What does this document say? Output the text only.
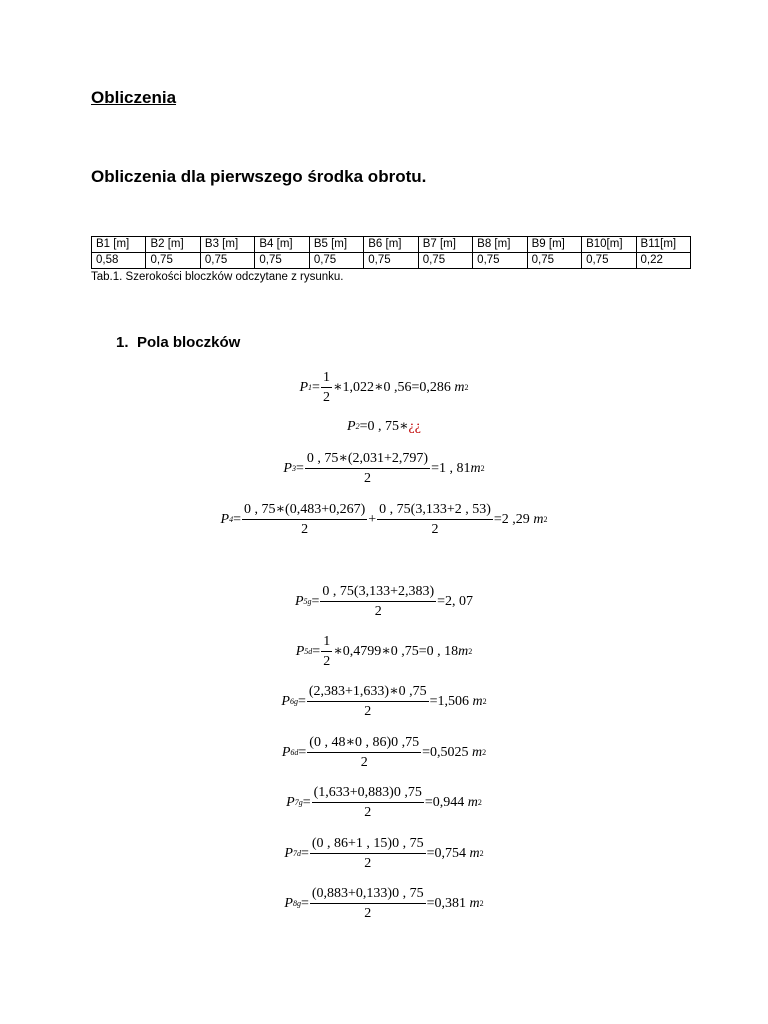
Obliczenia
Obliczenia dla pierwszego środka obrotu.
B1 [m]	B2 [m]	B3 [m]	B4 [m]	B5 [m]	B6 [m]	B7 [m]	B8 [m]	B9 [m]	B10[m]	B11[m]
0,58	0,75	0,75	0,75	0,75	0,75	0,75	0,75	0,75	0,75	0,22
Tab.1. Szerokości bloczków odczytane z rysunku.
1. Pola bloczków
P $1 = \frac{1}{2}$ ∗1,022∗0 ,56=0,286
m 2
P 2 =0 , 75∗ ¿¿
P $3 = \frac{0 , 75∗(2,031+2,797)}{2} =1$ , 81 m 2
P $4 = \frac{0 , 75∗(0,483+0,267)}{2} + \frac{0 , 75(3,133+2 , 53)}{2} =2$ ,29
m 2
P $5g = \frac{0 , 75(3,133+2,383)}{2} =2$, 07
P $5d = \frac{1}{2}$ ∗0,4799∗0 ,75=0 , 18 m 2
P $6g = \frac{(2,383+1,633)∗0 ,75}{2} =1,506$
m 2
P $6d = \frac{(0 , 48∗0 , 86)0 ,75}{2} =0,5025$
m 2
P $7g = \frac{(1,633+0,883)0 ,75}{2} =0,944$
m 2
P $7d = \frac{(0 , 86+1 , 15)0 , 75}{2} =0,754$
m 2
P $8g = \frac{(0,883+0,133)0 , 75}{2} =0,381$
m 2
